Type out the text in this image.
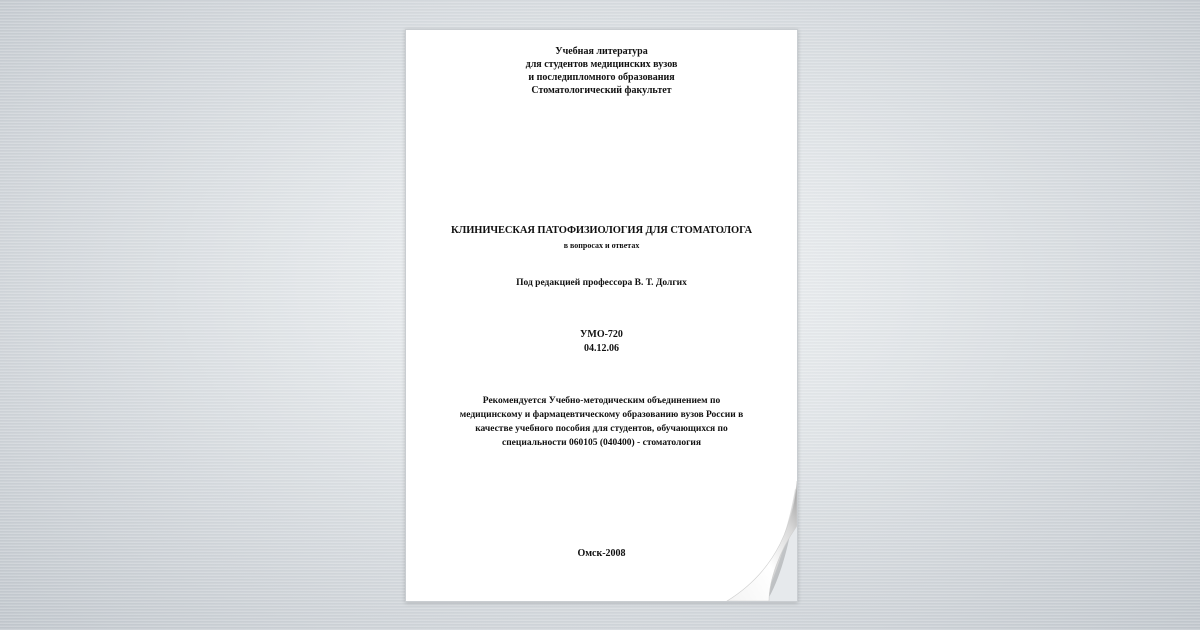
Учебная литература
для студентов медицинских вузов
и последипломного образования
Стоматологический факультет
КЛИНИЧЕСКАЯ ПАТОФИЗИОЛОГИЯ ДЛЯ СТОМАТОЛОГА
в вопросах и ответах
Под редакцией профессора В. Т. Долгих
УМО-720
04.12.06
Рекомендуется Учебно-методическим объединением по
медицинскому и фармацевтическому образованию вузов России в
качестве учебного пособия для студентов, обучающихся по
специальности 060105 (040400) - стоматология
Омск-2008
